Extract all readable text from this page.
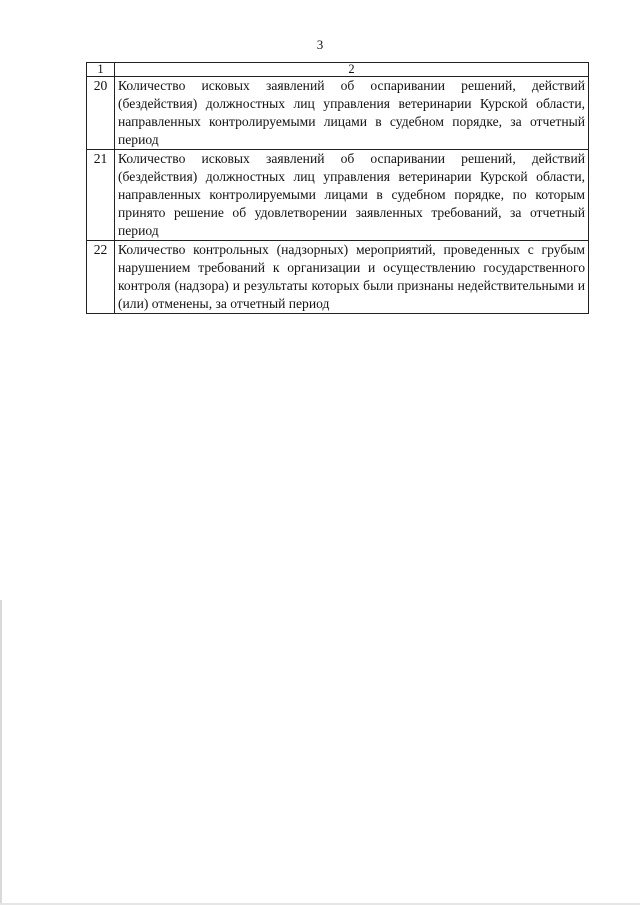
3
1	2
20	Количество исковых заявлений об оспаривании решений, действий (бездействия) должностных лиц управления ветеринарии Курской области, направленных контролируемыми лицами в судебном порядке, за отчетный период
21	Количество исковых заявлений об оспаривании решений, действий (бездействия) должностных лиц управления ветеринарии Курской области, направленных контролируемыми лицами в судебном порядке, по которым принято решение об удовлетворении заявленных требований, за отчетный период
22	Количество контрольных (надзорных) мероприятий, проведенных с грубым нарушением требований к организации и осуществлению государственного контроля (надзора) и результаты которых были признаны недействительными и (или) отменены, за отчетный период
